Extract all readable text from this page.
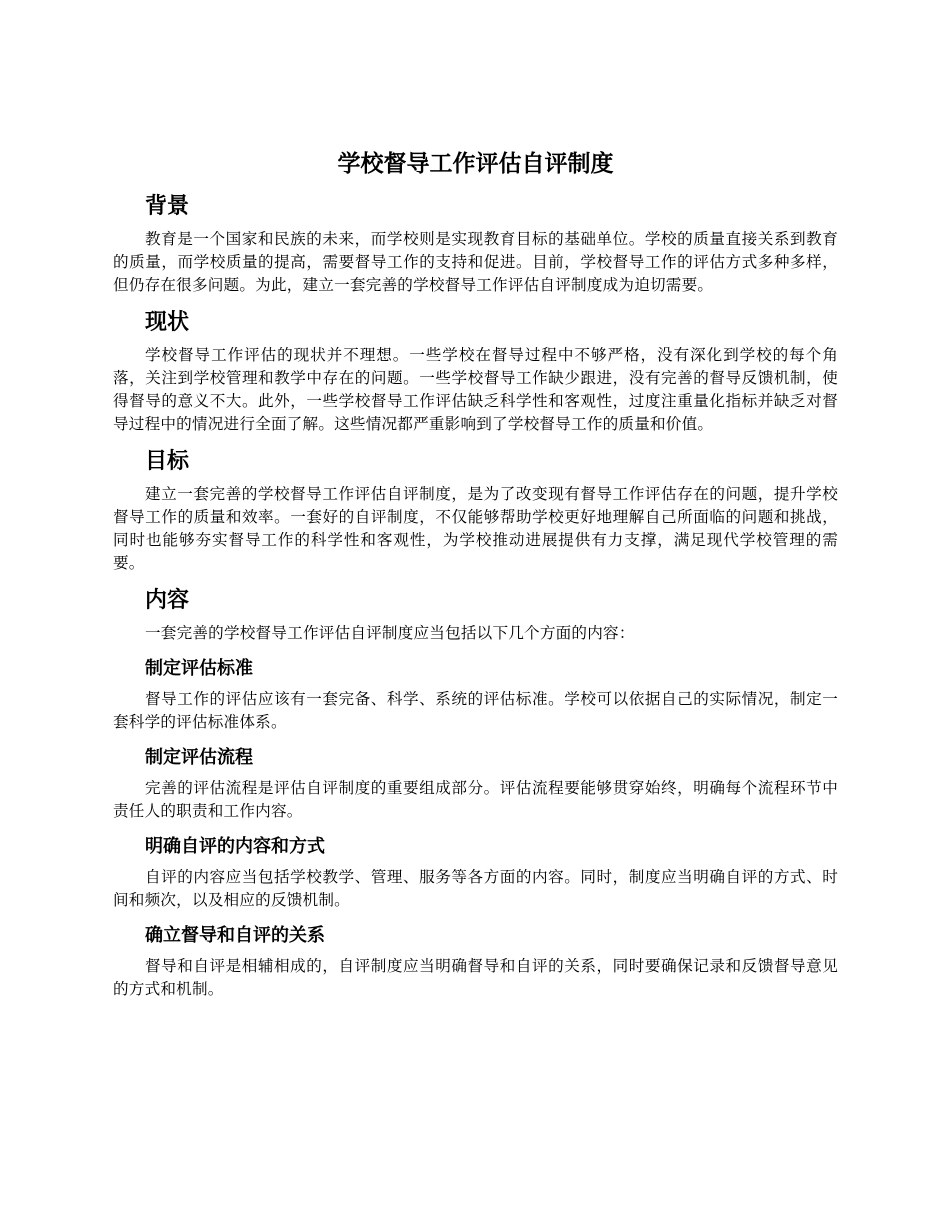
学校督导工作评估自评制度
背景

教育是一个国家和民族的未来，而学校则是实现教育目标的基础单位。学校的质量直接关系到教育的质量，而学校质量的提高，需要督导工作的支持和促进。目前，学校督导工作的评估方式多种多样，但仍存在很多问题。为此，建立一套完善的学校督导工作评估自评制度成为迫切需要。

现状

学校督导工作评估的现状并不理想。一些学校在督导过程中不够严格，没有深化到学校的每个角落，关注到学校管理和教学中存在的问题。一些学校督导工作缺少跟进，没有完善的督导反馈机制，使得督导的意义不大。此外，一些学校督导工作评估缺乏科学性和客观性，过度注重量化指标并缺乏对督导过程中的情况进行全面了解。这些情况都严重影响到了学校督导工作的质量和价值。

目标

建立一套完善的学校督导工作评估自评制度，是为了改变现有督导工作评估存在的问题，提升学校督导工作的质量和效率。一套好的自评制度，不仅能够帮助学校更好地理解自己所面临的问题和挑战，同时也能够夯实督导工作的科学性和客观性，为学校推动进展提供有力支撑，满足现代学校管理的需要。

内容

一套完善的学校督导工作评估自评制度应当包括以下几个方面的内容：

制定评估标准

督导工作的评估应该有一套完备、科学、系统的评估标准。学校可以依据自己的实际情况，制定一套科学的评估标准体系。

制定评估流程

完善的评估流程是评估自评制度的重要组成部分。评估流程要能够贯穿始终，明确每个流程环节中责任人的职责和工作内容。

明确自评的内容和方式

自评的内容应当包括学校教学、管理、服务等各方面的内容。同时，制度应当明确自评的方式、时间和频次，以及相应的反馈机制。

确立督导和自评的关系

督导和自评是相辅相成的，自评制度应当明确督导和自评的关系，同时要确保记录和反馈督导意见的方式和机制。
